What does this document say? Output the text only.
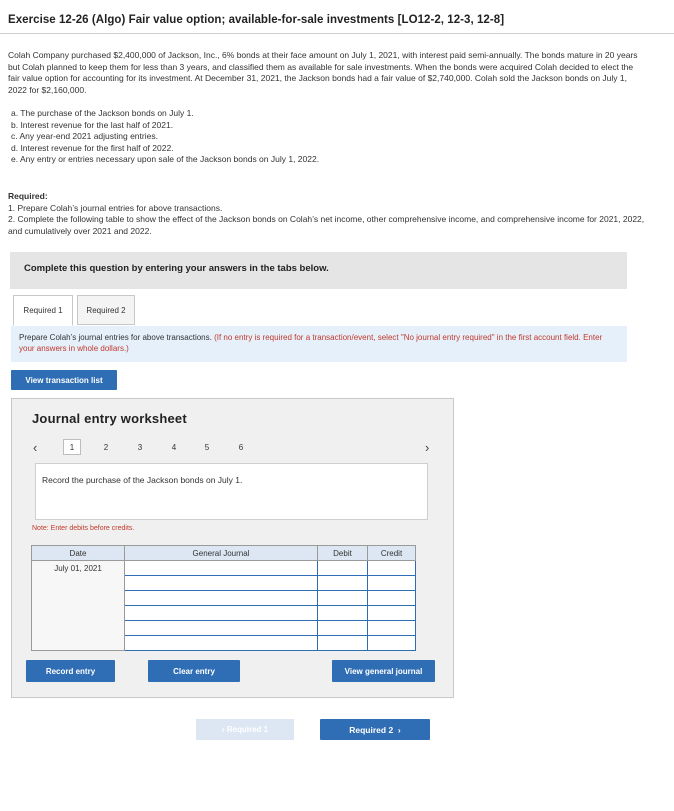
Exercise 12-26 (Algo) Fair value option; available-for-sale investments [LO12-2, 12-3, 12-8]
Colah Company purchased $2,400,000 of Jackson, Inc., 6% bonds at their face amount on July 1, 2021, with interest paid semi-annually. The bonds mature in 20 years but Colah planned to keep them for less than 3 years, and classified them as available for sale investments. When the bonds were acquired Colah decided to elect the fair value option for accounting for its investment. At December 31, 2021, the Jackson bonds had a fair value of $2,740,000. Colah sold the Jackson bonds on July 1, 2022 for $2,160,000.
a. The purchase of the Jackson bonds on July 1.
b. Interest revenue for the last half of 2021.
c. Any year-end 2021 adjusting entries.
d. Interest revenue for the first half of 2022.
e. Any entry or entries necessary upon sale of the Jackson bonds on July 1, 2022.
Required:
1. Prepare Colah’s journal entries for above transactions.
2. Complete the following table to show the effect of the Jackson bonds on Colah’s net income, other comprehensive income, and comprehensive income for 2021, 2022, and cumulatively over 2021 and 2022.
Complete this question by entering your answers in the tabs below.
Required 1	Required 2
Prepare Colah’s journal entries for above transactions. (If no entry is required for a transaction/event, select "No journal entry required" in the first account field. Enter your answers in whole dollars.)
View transaction list
Journal entry worksheet
‹	1	2	3	4	5	6	›
Record the purchase of the Jackson bonds on July 1.
Note: Enter debits before credits.
Date	General Journal	Debit	Credit
July 01, 2021			

Record entry	Clear entry	View general journal
‹ Required 1	Required 2 ›
